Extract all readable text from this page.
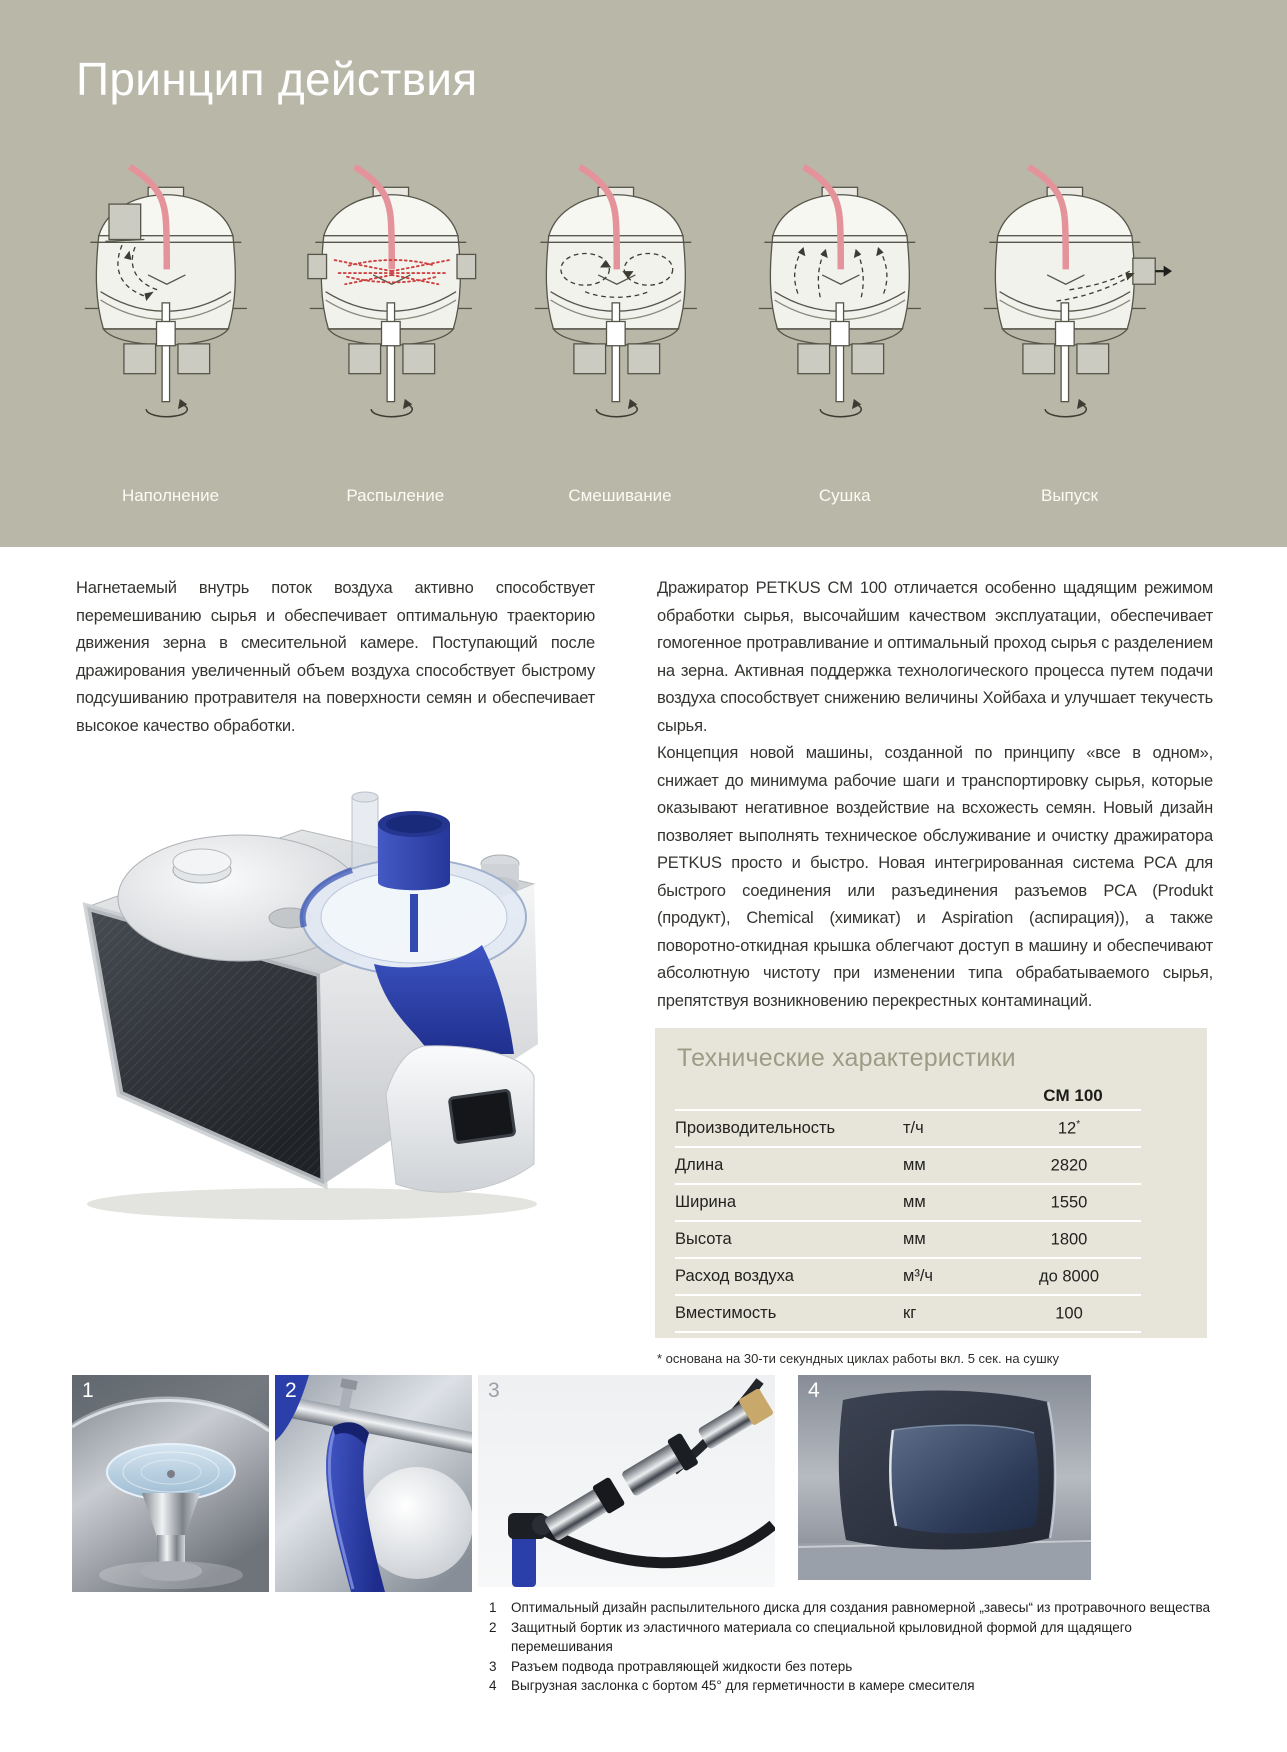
Принцип действия
Наполнение	Распыление	Смешивание	Сушка	Выпуск
Нагнетаемый внутрь поток воздуха активно способствует перемешиванию сырья и обеспечивает оптимальную траекторию движения зерна в смесительной камере. Поступающий после дражирования увеличенный объем воздуха способствует быстрому подсушиванию протравителя на поверхности семян и обеспечивает высокое качество обработки.

Дражиратор PETKUS CM 100 отличается особенно щадящим режимом обработки сырья, высочайшим качеством эксплуатации, обеспечивает гомогенное протравливание и оптимальный проход сырья с разделением на зерна. Активная поддержка технологического процесса путем подачи воздуха способствует снижению величины Хойбаха и улучшает текучесть сырья.

Концепция новой машины, созданной по принципу «все в одном», снижает до минимума рабочие шаги и транспортировку сырья, которые оказывают негативное воздействие на всхожесть семян. Новый дизайн позволяет выполнять техническое обслуживание и очистку дражиратора PETKUS просто и быстро. Новая интегрированная система PCA для быстрого соединения или разъединения разъемов PCA (Produkt (продукт), Chemical (химикат) и Aspiration (аспирация)), а также поворотно-откидная крышка облегчают доступ в машину и обеспечивают абсолютную чистоту при изменении типа обрабатываемого сырья, препятствуя возникновению перекрестных контаминаций.

Технические характеристики
CM 100
Производительность	т/ч	12*
Длина	мм	2820
Ширина	мм	1550
Высота	мм	1800
Расход воздуха	м³/ч	до 8000
Вместимость	кг	100
* основана на 30-ти секундных циклах работы вкл. 5 сек. на сушку
1	2	3	4
1	Оптимальный дизайн распылительного диска для создания равномерной „завесы“ из протравочного вещества
2	Защитный бортик из эластичного материала со специальной крыловидной формой для щадящего перемешивания
3	Разъем подвода протравляющей жидкости без потерь
4	Выгрузная заслонка с бортом 45° для герметичности в камере смесителя
